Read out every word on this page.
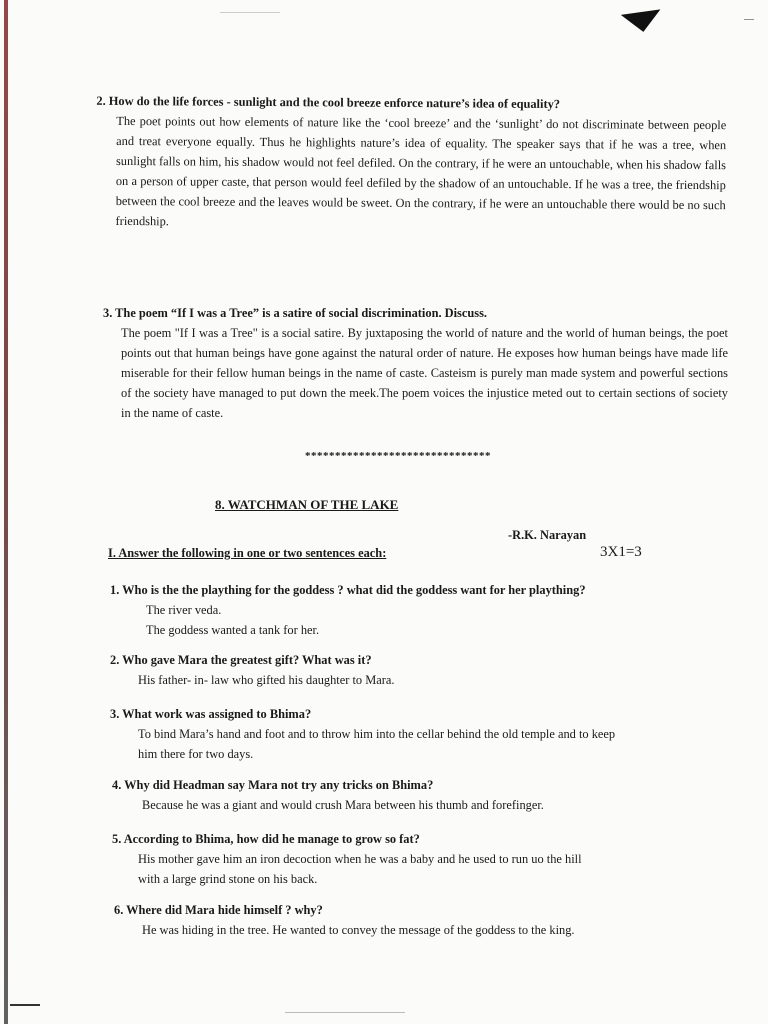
—
2. How do the life forces - sunlight and the cool breeze enforce nature’s idea of equality?
The poet points out how elements of nature like the ‘cool breeze’ and the ‘sunlight’ do not discriminate between people and treat everyone equally. Thus he highlights nature’s idea of equality. The speaker says that if he was a tree, when sunlight falls on him, his shadow would not feel defiled. On the contrary, if he were an untouchable, when his shadow falls on a person of upper caste, that person would feel defiled by the shadow of an untouchable. If he was a tree, the friendship between the cool breeze and the leaves would be sweet. On the contrary, if he were an untouchable there would be no such friendship.
3. The poem “If I was a Tree” is a satire of social discrimination. Discuss.
The poem "If I was a Tree" is a social satire. By juxtaposing the world of nature and the world of human beings, the poet points out that human beings have gone against the natural order of nature. He exposes how human beings have made life miserable for their fellow human beings in the name of caste. Casteism is purely man made system and powerful sections of the society have managed to put down the meek.The poem voices the injustice meted out to certain sections of society in the name of caste.
*******************************
8. WATCHMAN OF THE LAKE
-R.K. Narayan
I. Answer the following in one or two sentences each:	3X1=3
1. Who is the the plaything for the goddess ? what did the goddess want for her plaything?
The river veda.
The goddess wanted a tank for her.
2. Who gave Mara the greatest gift? What was it?
His father- in- law who gifted his daughter to Mara.
3. What work was assigned to Bhima?
To bind Mara’s hand and foot and to throw him into the cellar behind the old temple and to keep
him there for two days.
4. Why did Headman say Mara not try any tricks on Bhima?
Because he was a giant and would crush Mara between his thumb and forefinger.
5. According to Bhima, how did he manage to grow so fat?
His mother gave him an iron decoction when he was a baby and he used to run uo the hill
with a large grind stone on his back.
6. Where did Mara hide himself ? why?
He was hiding in the tree. He wanted to convey the message of the goddess to the king.
